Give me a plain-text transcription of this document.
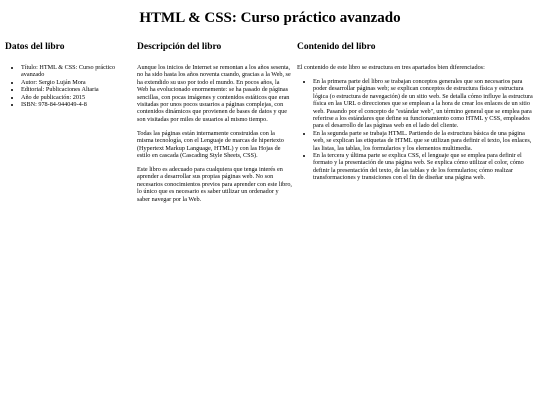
HTML & CSS: Curso práctico avanzado
Datos del libro
• Título: HTML & CSS: Curso práctico avanzado
• Autor: Sergio Luján Mora
• Editorial: Publicaciones Altaria
• Año de publicación: 2015
• ISBN: 978-84-944049-4-8
Descripción del libro

Aunque los inicios de Internet se remontan a los años sesenta, no ha sido hasta los años noventa cuando, gracias a la Web, se ha extendido su uso por todo el mundo. En pocos años, la Web ha evolucionado enormemente: se ha pasado de páginas sencillas, con pocas imágenes y contenidos estáticos que eran visitadas por unos pocos usuarios a páginas complejas, con contenidos dinámicos que provienen de bases de datos y que son visitadas por miles de usuarios al mismo tiempo.

Todas las páginas están internamente construidas con la misma tecnología, con el Lenguaje de marcas de hipertexto (Hypertext Markup Language, HTML) y con las Hojas de estilo en cascada (Cascading Style Sheets, CSS).

Este libro es adecuado para cualquiera que tenga interés en aprender a desarrollar sus propias páginas web. No son necesarios conocimientos previos para aprender con este libro, lo único que es necesario es saber utilizar un ordenador y saber navegar por la Web.

Contenido del libro

El contenido de este libro se estructura en tres apartados bien diferenciados:

• En la primera parte del libro se trabajan conceptos generales que son necesarios para poder desarrollar páginas web; se explican conceptos de estructura física y estructura lógica (o estructura de navegación) de un sitio web. Se detalla cómo influye la estructura física en las URL o direcciones que se emplean a la hora de crear los enlaces de un sitio web. Pasando por el concepto de "estándar web", un término general que se emplea para referirse a los estándares que define su funcionamiento como HTML y CSS, empleados para el desarrollo de las páginas web en el lado del cliente.
• En la segunda parte se trabaja HTML. Partiendo de la estructura básica de una página web, se explican las etiquetas de HTML que se utilizan para definir el texto, los enlaces, las listas, las tablas, los formularios y los elementos multimedia.
• En la tercera y última parte se explica CSS, el lenguaje que se emplea para definir el formato y la presentación de una página web. Se explica cómo utilizar el color, cómo definir la presentación del texto, de las tablas y de los formularios; cómo realizar transformaciones y transiciones con el fin de diseñar una página web.
